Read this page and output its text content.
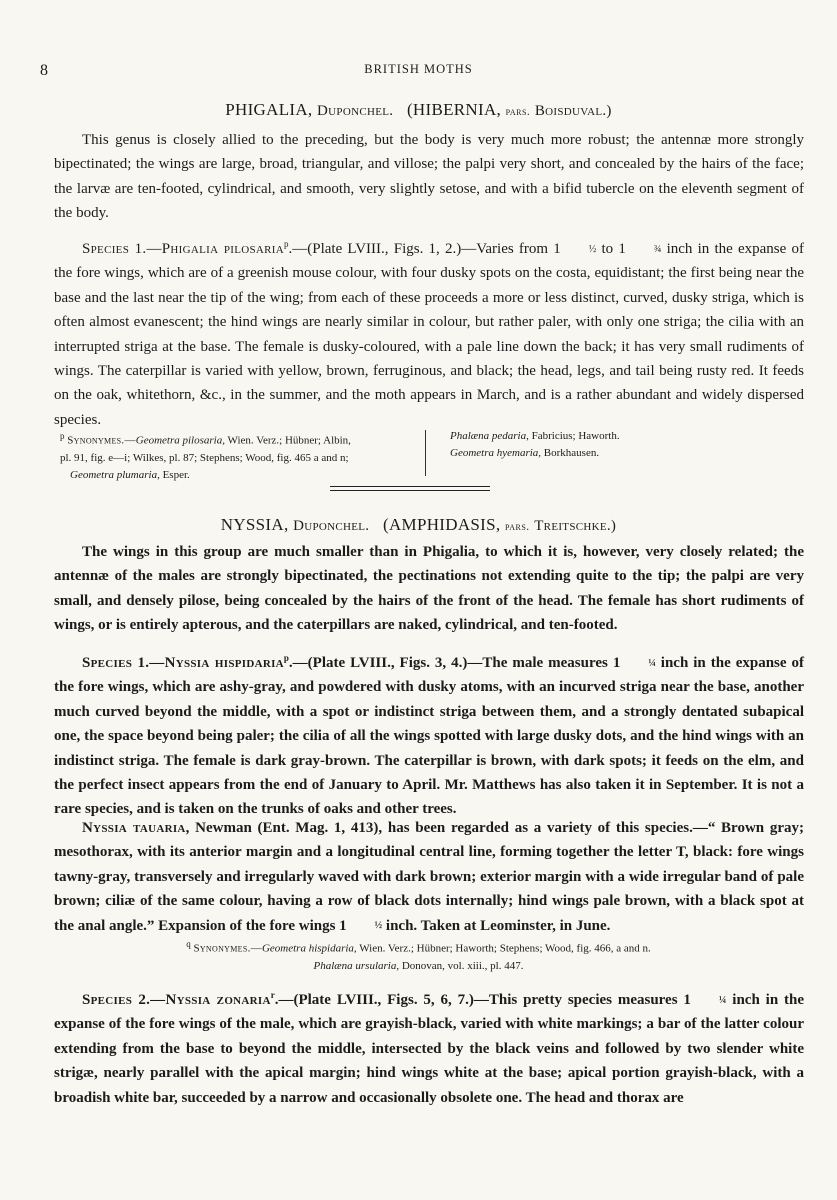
8	BRITISH MOTHS
PHIGALIA, Duponchel. (HIBERNIA, pars. Boisduval.)

This genus is closely allied to the preceding, but the body is very much more robust; the antennæ more strongly bipectinated; the wings are large, broad, triangular, and villose; the palpi very short, and concealed by the hairs of the face; the larvæ are ten-footed, cylindrical, and smooth, very slightly setose, and with a bifid tubercle on the eleventh segment of the body.

Species 1.—Phigalia pilosaria$^p$.—(Plate LVIII., Figs. 1, 2.)—Varies from 1	½ to 1	¾ inch in the expanse of the fore wings, which are of a greenish mouse colour, with four dusky spots on the costa, equidistant; the first being near the base and the last near the tip of the wing; from each of these proceeds a more or less distinct, curved, dusky striga, which is often almost evanescent; the hind wings are nearly similar in colour, but rather paler, with only one striga; the cilia with an interrupted striga at the base. The female is dusky-coloured, with a pale line down the back; it has very small rudiments of wings. The caterpillar is varied with yellow, brown, ferruginous, and black; the head, legs, and tail being rusty red. It feeds on the oak, whitethorn, &c., in the summer, and the moth appears in March, and is a rather abundant and widely dispersed species.

$^p$ Synonymes.—Geometra pilosaria, Wien. Verz.; Hübner; Albin,
pl. 91, fig. e—i; Wilkes, pl. 87; Stephens; Wood, fig. 465 a and n;
Geometra plumaria, Esper.
Phalæna pedaria, Fabricius; Haworth.
Geometra hyemaria, Borkhausen.
NYSSIA, Duponchel. (AMPHIDASIS, pars. Treitschke.)

The wings in this group are much smaller than in Phigalia, to which it is, however, very closely related; the antennæ of the males are strongly bipectinated, the pectinations not extending quite to the tip; the palpi are very small, and densely pilose, being concealed by the hairs of the front of the head. The female has short rudiments of wings, or is entirely apterous, and the caterpillars are naked, cylindrical, and ten-footed.

Species 1.—Nyssia hispidaria$^p$.—(Plate LVIII., Figs. 3, 4.)—The male measures 1	¼ inch in the expanse of the fore wings, which are ashy-gray, and powdered with dusky atoms, with an incurved striga near the base, another much curved beyond the middle, with a spot or indistinct striga between them, and a strongly dentated subapical one, the space beyond being paler; the cilia of all the wings spotted with large dusky dots, and the hind wings with an indistinct striga. The female is dark gray-brown. The caterpillar is brown, with dark spots; it feeds on the elm, and the perfect insect appears from the end of January to April. Mr. Matthews has also taken it in September. It is not a rare species, and is taken on the trunks of oaks and other trees.

Nyssia tauaria, Newman (Ent. Mag. 1, 413), has been regarded as a variety of this species.—“ Brown gray; mesothorax, with its anterior margin and a longitudinal central line, forming together the letter T, black: fore wings tawny-gray, transversely and irregularly waved with dark brown; exterior margin with a wide irregular band of pale brown; ciliæ of the same colour, having a row of black dots internally; hind wings pale brown, with a black spot at the anal angle.” Expansion of the fore wings 1	½ inch. Taken at Leominster, in June.

$^q$ Synonymes.—Geometra hispidaria, Wien. Verz.; Hübner; Haworth; Stephens; Wood, fig. 466, a and n.
Phalæna ursularia, Donovan, vol. xiii., pl. 447.

Species 2.—Nyssia zonaria$^r$.—(Plate LVIII., Figs. 5, 6, 7.)—This pretty species measures 1	¼ inch in the expanse of the fore wings of the male, which are grayish-black, varied with white markings; a bar of the latter colour extending from the base to beyond the middle, intersected by the black veins and followed by two slender white strigæ, nearly parallel with the apical margin; hind wings white at the base; apical portion grayish-black, with a broadish white bar, succeeded by a narrow and occasionally obsolete one. The head and thorax are
